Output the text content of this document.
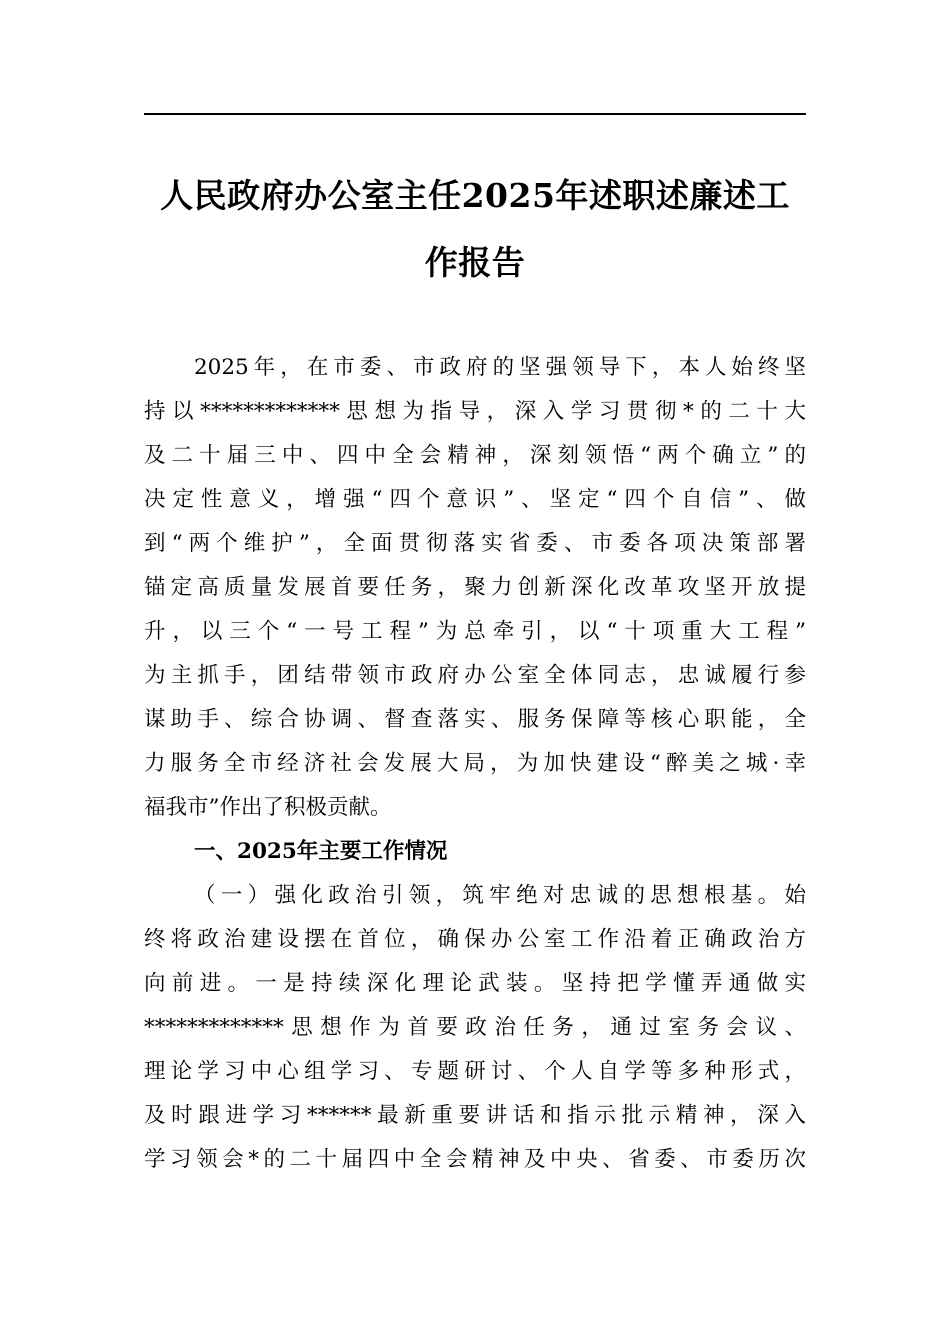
人民政府办公室主任2025年述职述廉述工
作报告
2025年，在市委、市政府的坚强领导下，本人始终坚
持以*************思想为指导，深入学习贯彻*的二十大
及二十届三中、四中全会精神，深刻领悟“两个确立”的
决定性意义，增强“四个意识”、坚定“四个自信”、做
到“两个维护”，全面贯彻落实省委、市委各项决策部署
锚定高质量发展首要任务，聚力创新深化改革攻坚开放提
升，以三个“一号工程”为总牵引，以“十项重大工程”
为主抓手，团结带领市政府办公室全体同志，忠诚履行参
谋助手、综合协调、督查落实、服务保障等核心职能，全
力服务全市经济社会发展大局，为加快建设“醉美之城·幸
福我市”作出了积极贡献。
一、2025年主要工作情况
（一）强化政治引领，筑牢绝对忠诚的思想根基。始
终将政治建设摆在首位，确保办公室工作沿着正确政治方
向前进。一是持续深化理论武装。坚持把学懂弄通做实
*************思想作为首要政治任务，通过室务会议、
理论学习中心组学习、专题研讨、个人自学等多种形式，
及时跟进学习******最新重要讲话和指示批示精神，深入
学习领会*的二十届四中全会精神及中央、省委、市委历次
